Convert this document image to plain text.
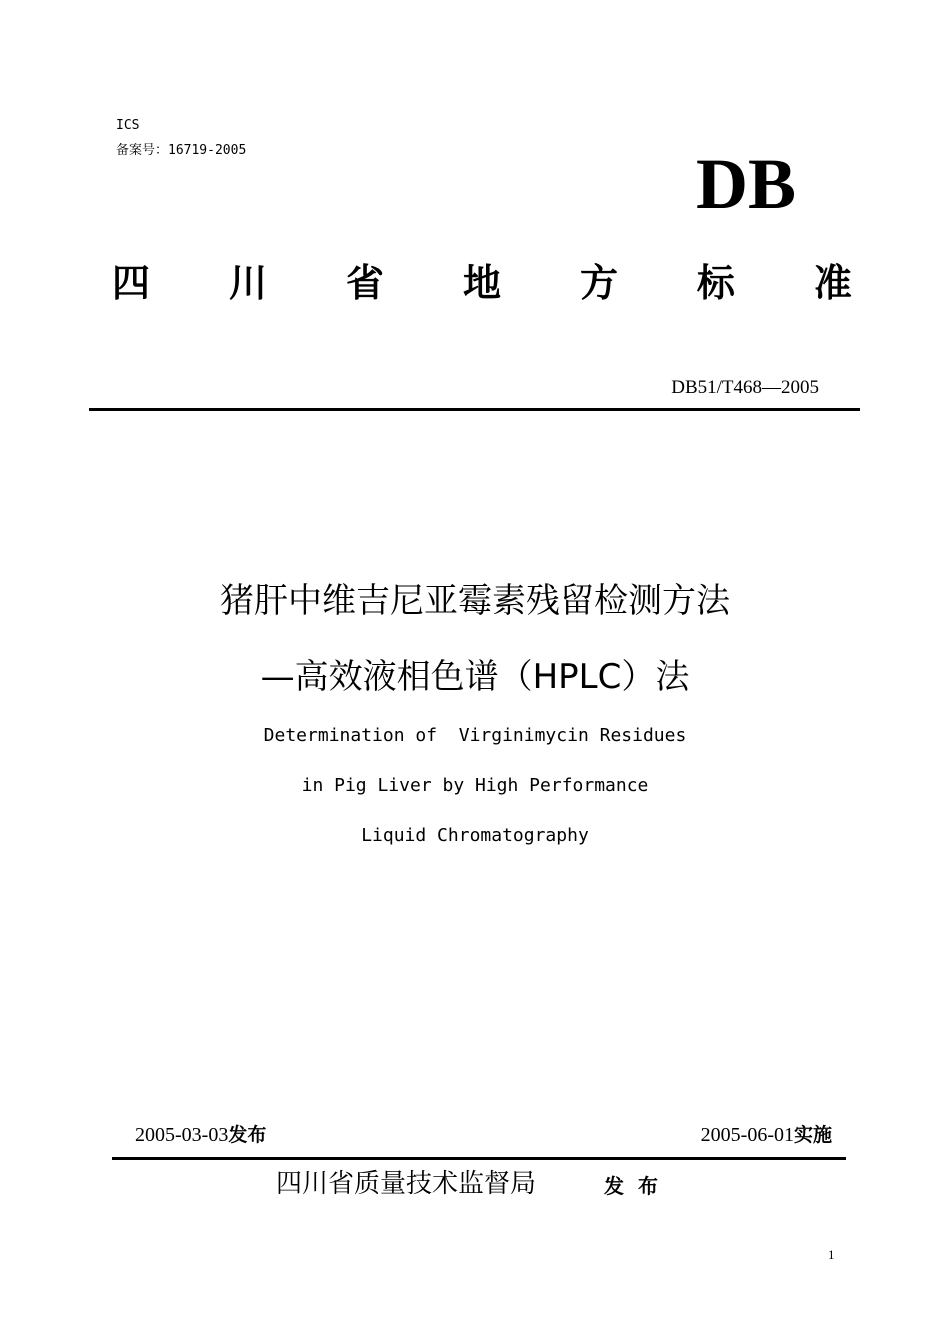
ICS
备案号：16719-2005	DB
四 川 省 地 方 标 准
DB51/T468—2005
猪肝中维吉尼亚霉素残留检测方法
—高效液相色谱（HPLC）法
Determination of  Virginimycin Residues
in Pig Liver by High Performance
Liquid Chromatography
2005-03-03发布	2005-06-01实施
四川省质量技术监督局	发布
1
